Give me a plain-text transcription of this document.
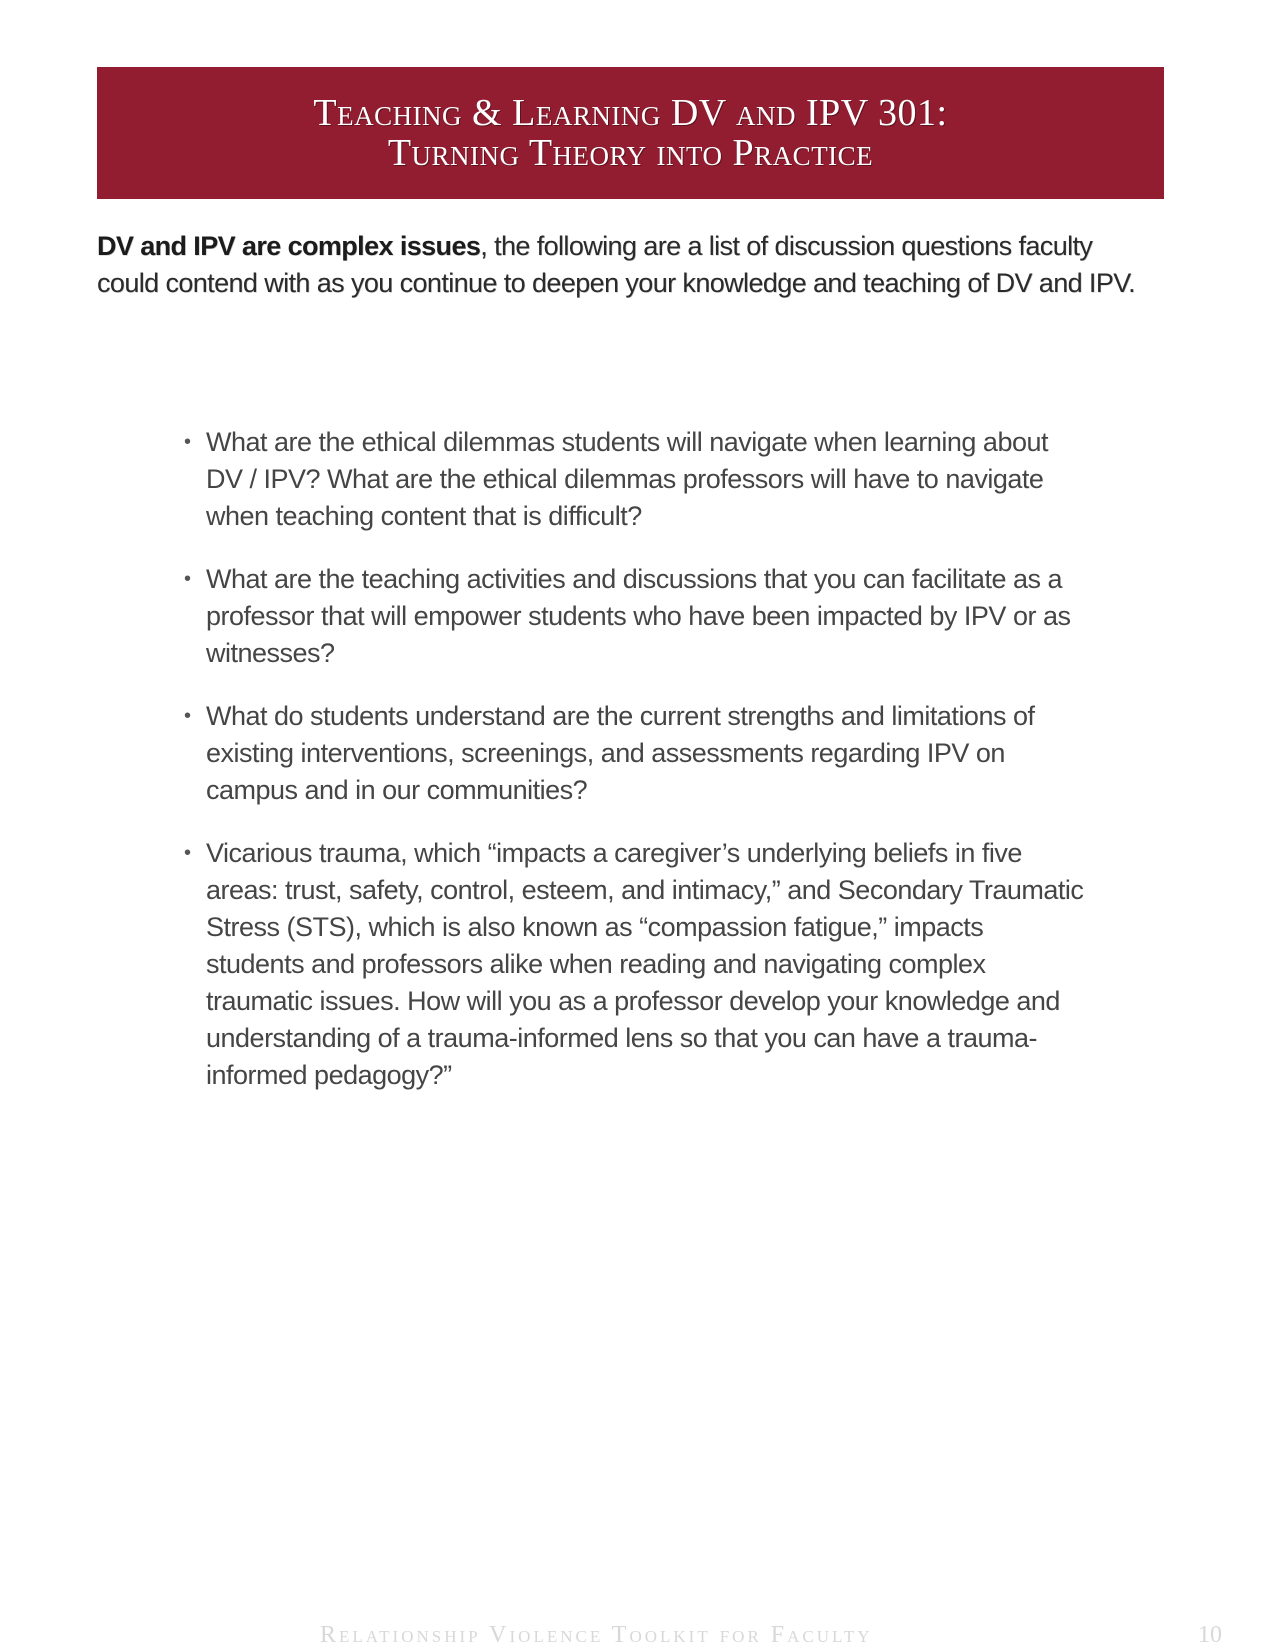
Teaching & Learning DV and IPV 301:
Turning Theory into Practice

DV and IPV are complex issues, the following are a list of discussion questions faculty could contend with as you continue to deepen your knowledge and teaching of DV and IPV.

• What are the ethical dilemmas students will navigate when learning about DV / IPV? What are the ethical dilemmas professors will have to navigate when teaching content that is difficult?
• What are the teaching activities and discussions that you can facilitate as a professor that will empower students who have been impacted by IPV or as witnesses?
• What do students understand are the current strengths and limitations of existing interventions, screenings, and assessments regarding IPV on campus and in our communities?
• Vicarious trauma, which “impacts a caregiver’s underlying beliefs in five areas: trust, safety, control, esteem, and intimacy,” and Secondary Traumatic Stress (STS), which is also known as “compassion fatigue,” impacts students and professors alike when reading and navigating complex traumatic issues. How will you as a professor develop your knowledge and understanding of a trauma-informed lens so that you can have a trauma-informed pedagogy?”
Relationship Violence Toolkit for Faculty	10
